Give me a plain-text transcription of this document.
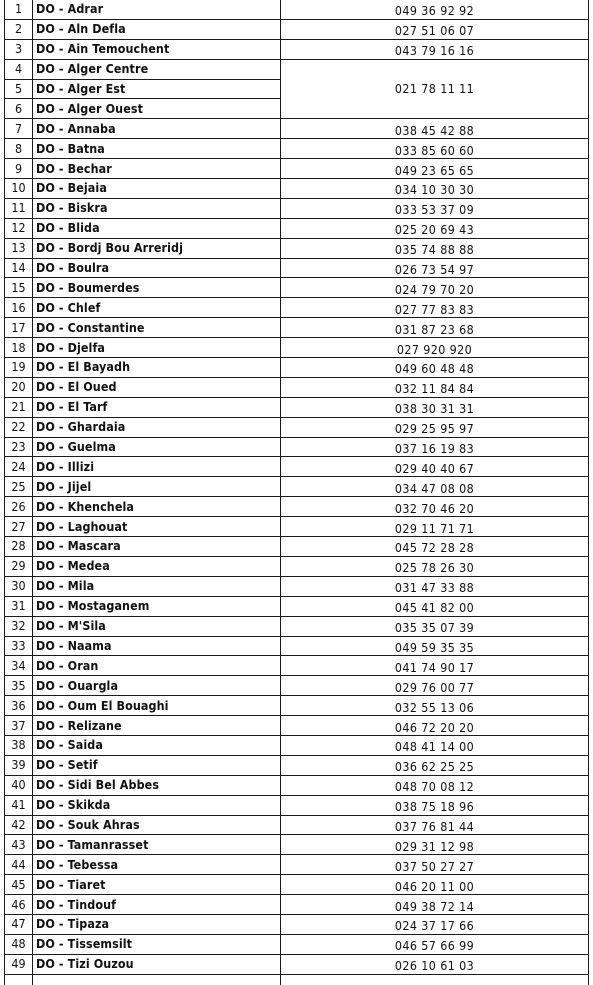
1	DO - Adrar	049 36 92 92
2	DO - Aln Defla	027 51 06 07
3	DO - Ain Temouchent	043 79 16 16
4	DO - Alger Centre	021 78 11 11
5	DO - Alger Est	
6	DO - Alger Ouest	
7	DO - Annaba	038 45 42 88
8	DO - Batna	033 85 60 60
9	DO - Bechar	049 23 65 65
10	DO - Bejaia	034 10 30 30
11	DO - Biskra	033 53 37 09
12	DO - Blida	025 20 69 43
13	DO - Bordj Bou Arreridj	035 74 88 88
14	DO - Boulra	026 73 54 97
15	DO - Boumerdes	024 79 70 20
16	DO - Chlef	027 77 83 83
17	DO - Constantine	031 87 23 68
18	DO - Djelfa	027 920 920
19	DO - El Bayadh	049 60 48 48
20	DO - El Oued	032 11 84 84
21	DO - El Tarf	038 30 31 31
22	DO - Ghardaia	029 25 95 97
23	DO - Guelma	037 16 19 83
24	DO - Illizi	029 40 40 67
25	DO - Jijel	034 47 08 08
26	DO - Khenchela	032 70 46 20
27	DO - Laghouat	029 11 71 71
28	DO - Mascara	045 72 28 28
29	DO - Medea	025 78 26 30
30	DO - Mila	031 47 33 88
31	DO - Mostaganem	045 41 82 00
32	DO - M'Sila	035 35 07 39
33	DO - Naama	049 59 35 35
34	DO - Oran	041 74 90 17
35	DO - Ouargla	029 76 00 77
36	DO - Oum El Bouaghi	032 55 13 06
37	DO - Relizane	046 72 20 20
38	DO - Saida	048 41 14 00
39	DO - Setif	036 62 25 25
40	DO - Sidi Bel Abbes	048 70 08 12
41	DO - Skikda	038 75 18 96
42	DO - Souk Ahras	037 76 81 44
43	DO - Tamanrasset	029 31 12 98
44	DO - Tebessa	037 50 27 27
45	DO - Tiaret	046 20 11 00
46	DO - Tindouf	049 38 72 14
47	DO - Tipaza	024 37 17 66
48	DO - Tissemsilt	046 57 66 99
49	DO - Tizi Ouzou	026 10 61 03
